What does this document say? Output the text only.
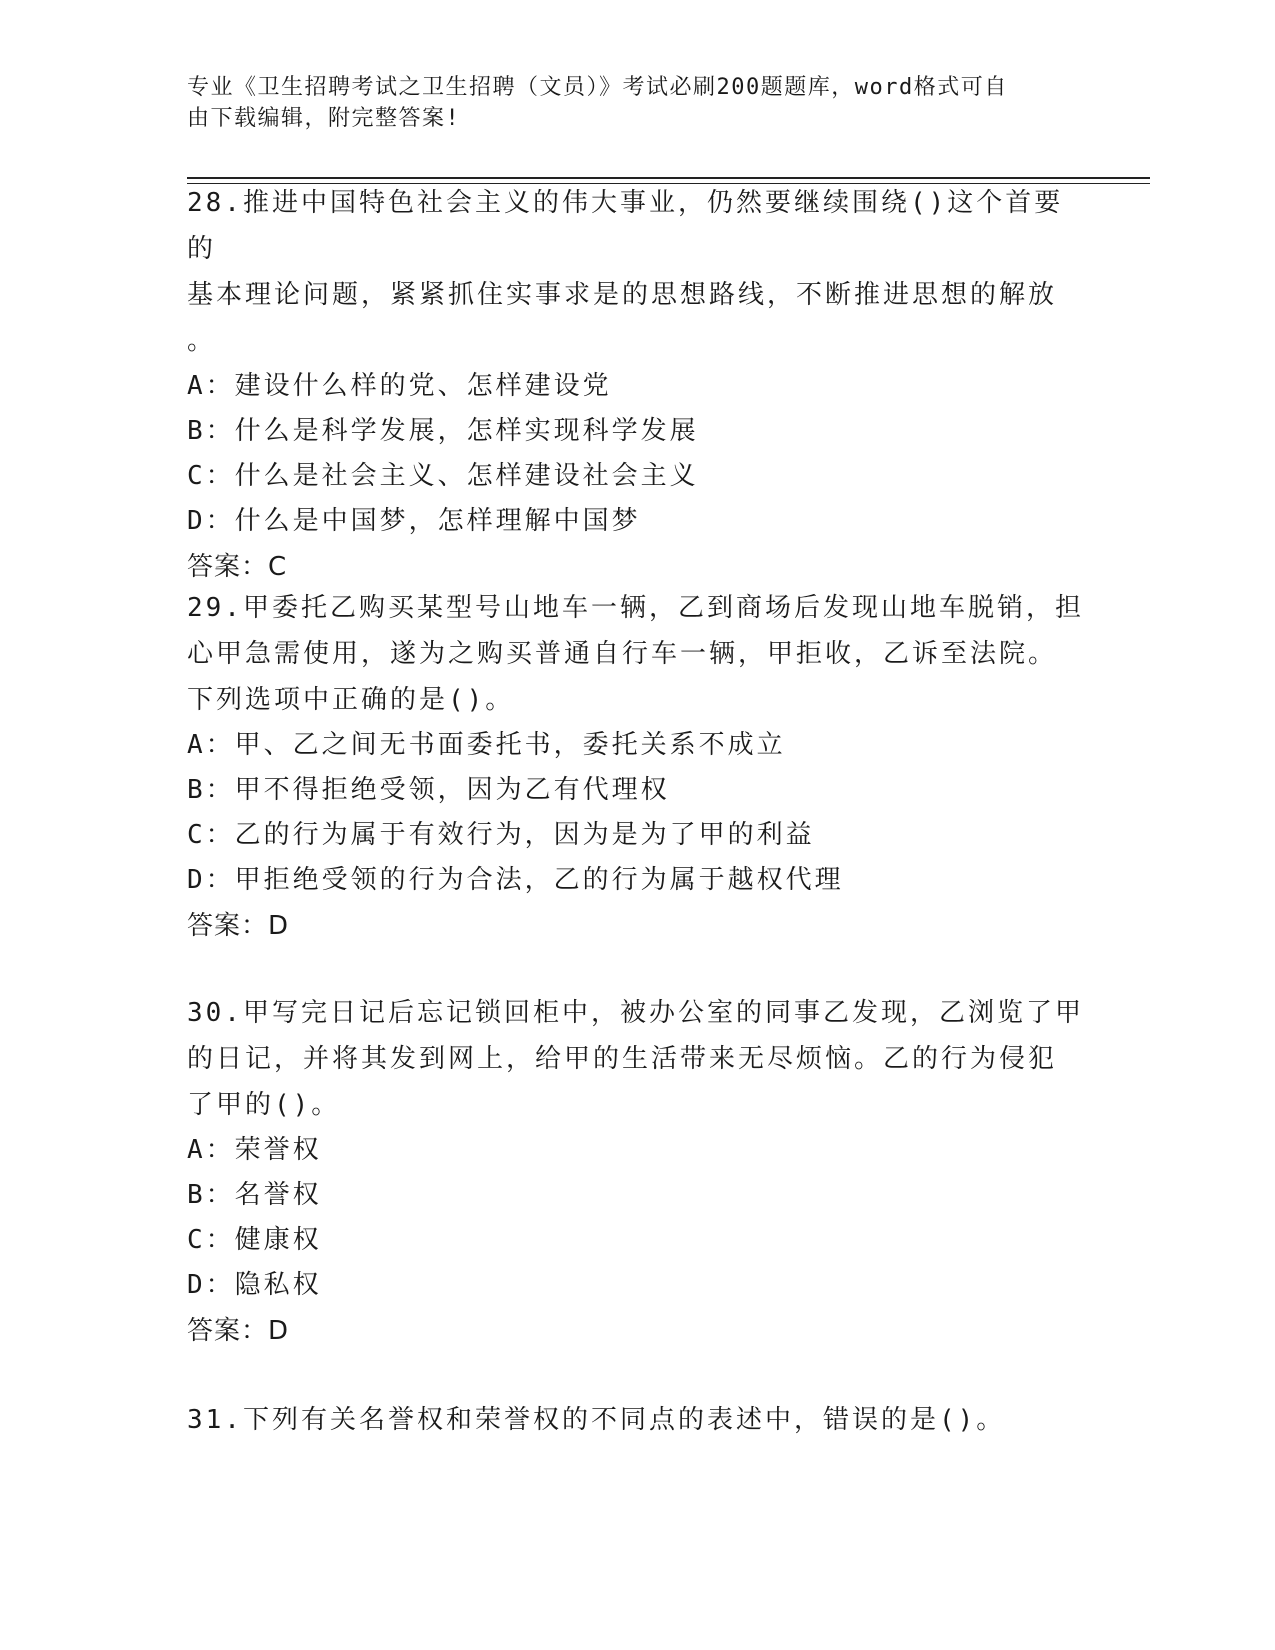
专业《卫生招聘考试之卫生招聘（文员）》考试必刷200题题库，word格式可自
由下载编辑，附完整答案!

28.推进中国特色社会主义的伟大事业，仍然要继续围绕()这个首要的

基本理论问题，紧紧抓住实事求是的思想路线，不断推进思想的解放

。

A：建设什么样的党、怎样建设党

B：什么是科学发展，怎样实现科学发展

C：什么是社会主义、怎样建设社会主义

D：什么是中国梦，怎样理解中国梦

答案：C

29.甲委托乙购买某型号山地车一辆，乙到商场后发现山地车脱销，担

心甲急需使用，遂为之购买普通自行车一辆，甲拒收，乙诉至法院。

下列选项中正确的是()。

A：甲、乙之间无书面委托书，委托关系不成立

B：甲不得拒绝受领，因为乙有代理权

C：乙的行为属于有效行为，因为是为了甲的利益

D：甲拒绝受领的行为合法，乙的行为属于越权代理

答案：D

30.甲写完日记后忘记锁回柜中，被办公室的同事乙发现，乙浏览了甲

的日记，并将其发到网上，给甲的生活带来无尽烦恼。乙的行为侵犯

了甲的()。

A：荣誉权

B：名誉权

C：健康权

D：隐私权

答案：D

31.下列有关名誉权和荣誉权的不同点的表述中，错误的是()。
